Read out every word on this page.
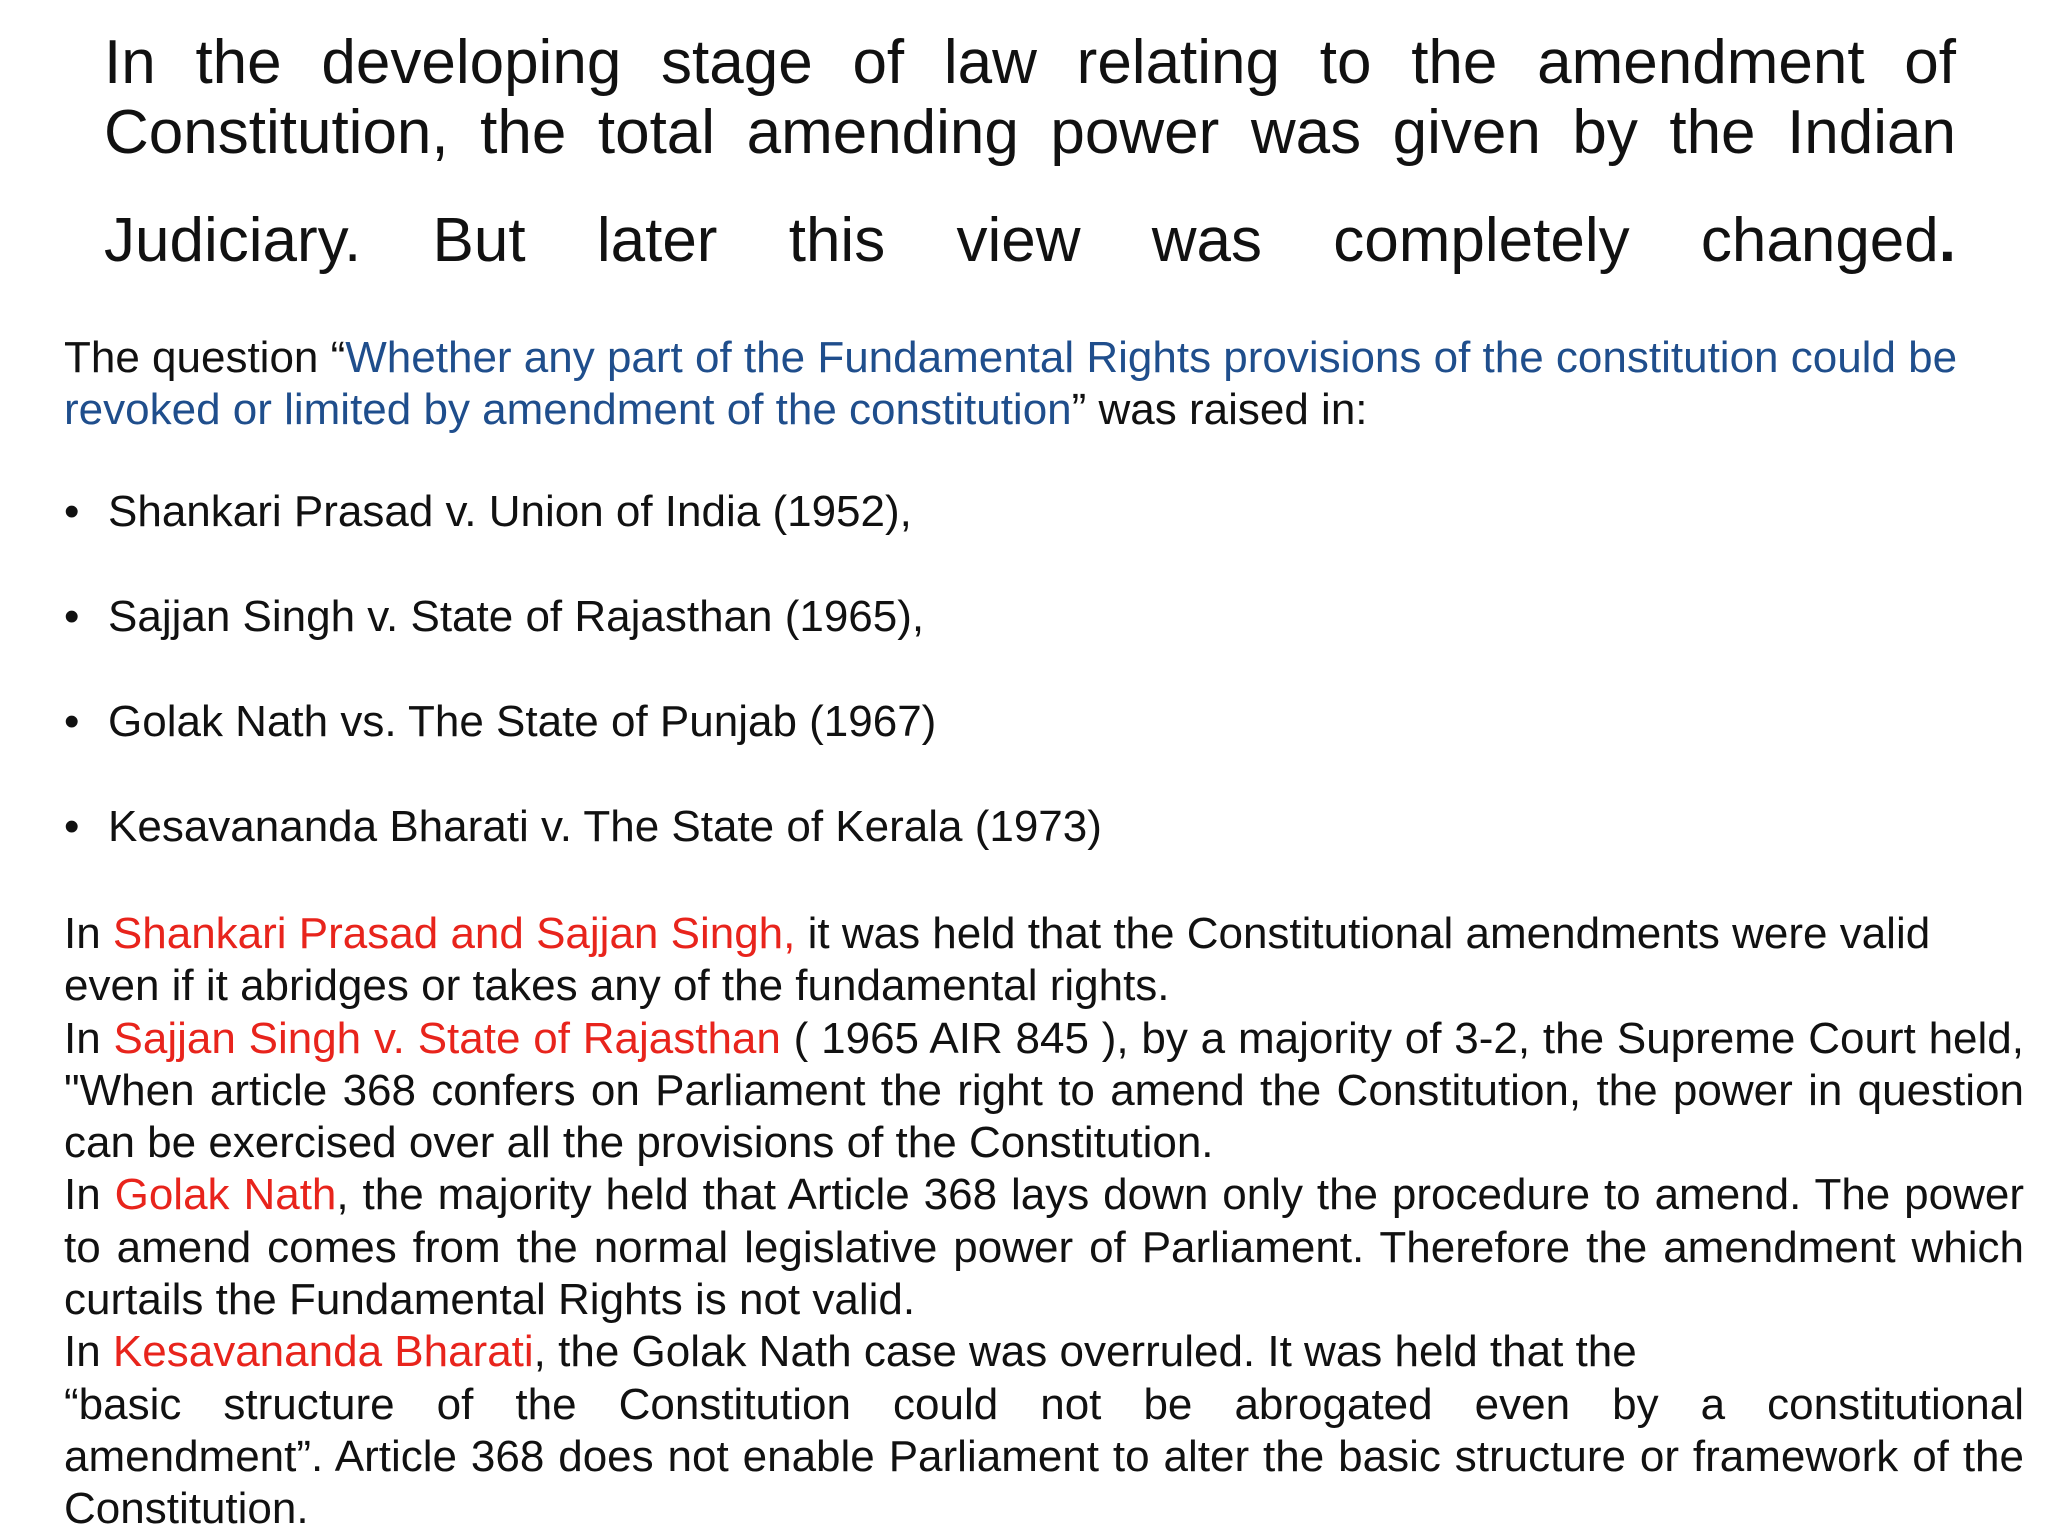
In the developing stage of law relating to the amendment of
Constitution, the total amending power was given by the Indian
Judiciary. But later this view was completely changed.

The question “Whether any part of the Fundamental Rights provisions of the constitution could be revoked or limited by amendment of the constitution” was raised in:

• Shankari Prasad v. Union of India (1952),
• Sajjan Singh v. State of Rajasthan (1965),
• Golak Nath vs. The State of Punjab (1967)
• Kesavananda Bharati v. The State of Kerala (1973)

In Shankari Prasad and Sajjan Singh, it was held that the Constitutional amendments were valid even if it abridges or takes any of the fundamental rights.

In Sajjan Singh v. State of Rajasthan ( 1965 AIR 845 ), by a majority of 3-2, the Supreme Court held, "When article 368 confers on Parliament the right to amend the Constitution, the power in question can be exercised over all the provisions of the Constitution.

In Golak Nath, the majority held that Article 368 lays down only the procedure to amend. The power to amend comes from the normal legislative power of Parliament. Therefore the amendment which curtails the Fundamental Rights is not valid.

In Kesavananda Bharati, the Golak Nath case was overruled. It was held that the

“basic structure of the Constitution could not be abrogated even by a constitutional

amendment”. Article 368 does not enable Parliament to alter the basic structure or framework of the Constitution.
